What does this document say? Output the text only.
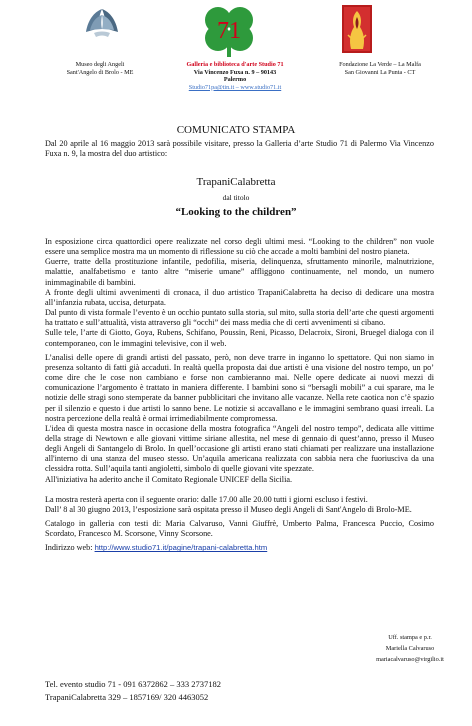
71
Museo degli Angeli
Sant'Angelo di Brolo - ME
Galleria e biblioteca d'arte Studio 71
Via Vincenzo Fuxa n. 9 – 90143
Palermo
Studio71pa@tin.it – www.studio71.it
Fondazione La Verde – La Malfa
San Giovanni La Punta - CT
COMUNICATO STAMPA
Dal 20 aprile al 16 maggio 2013 sarà possibile visitare, presso la Galleria d’arte Studio 71 di Palermo Via Vincenzo Fuxa n. 9, la mostra del duo artistico:
TrapaniCalabretta
dal titolo
“Looking to the children”

In esposizione circa quattordici opere realizzate nel corso degli ultimi mesi. “Looking to the children” non vuole essere una semplice mostra ma un momento di riflessione su ciò che accade a molti bambini del nostro pianeta.

Guerre, tratte della prostituzione infantile, pedofilia, miseria, delinquenza, sfruttamento minorile, malnutrizione, malattie, analfabetismo e tanto altre “miserie umane” affliggono continuamente, nel mondo, un numero inimmaginabile di bambini.

A fronte degli ultimi avvenimenti di cronaca, il duo artistico TrapaniCalabretta ha deciso di dedicare una mostra all’infanzia rubata, uccisa, deturpata.

Dal punto di vista formale l’evento è un occhio puntato sulla storia, sul mito, sulla storia dell’arte che questi argomenti ha trattato e sull’attualità, vista attraverso gli “occhi” dei mass media che di certi avvenimenti si cibano.

Sulle tele, l’arte di Giotto, Goya, Rubens, Schifano, Poussin, Reni, Picasso, Delacroix, Sironi, Bruegel dialoga con il contemporaneo, con le immagini televisive, con il web.

L’analisi delle opere di grandi artisti del passato, però, non deve trarre in inganno lo spettatore. Qui non siamo in presenza soltanto di fatti già accaduti. In realtà quella proposta dai due artisti è una visione del nostro tempo, un po’ come dire che le cose non cambiano e forse non cambieranno mai. Nelle opere dedicate ai nuovi mezzi di comunicazione l’argomento è trattato in maniera differente. I bambini sono si “bersagli mobili” a cui sparare, ma le notizie delle stragi sono stemperate da banner pubblicitari che invitano alle vacanze. Nella rete caotica non c’è spazio per il silenzio e questo i due artisti lo sanno bene. Le notizie si accavallano e le immagini sembrano quasi irreali. La nostra percezione della realtà è ormai irrimediabilmente compromessa.

L'idea di questa mostra nasce in occasione della mostra fotografica “Angeli del nostro tempo”, dedicata alle vittime della strage di Newtown e alle giovani vittime siriane allestita, nel mese di gennaio di quest’anno, presso il Museo degli Angeli di Santangelo di Brolo. In quell’occasione gli artisti erano stati chiamati per realizzare una installazione all'interno di una stanza del museo stesso. Un’aquila americana realizzata con sabbia nera che fuoriusciva da una clessidra rotta. Sull’aquila tanti angioletti, simbolo di quelle giovani vite spezzate.

All'iniziativa ha aderito anche il Comitato Regionale UNICEF della Sicilia.

La mostra resterà aperta con il seguente orario: dalle 17.00 alle 20.00 tutti i giorni escluso i festivi.

Dall’ 8 al 30 giugno 2013, l’esposizione sarà ospitata presso il Museo degli Angeli di Sant'Angelo di Brolo-ME.

Catalogo in galleria con testi di: Maria Calvaruso, Vanni Giuffrè, Umberto Palma, Francesca Puccio, Cosimo Scordato, Francesco M. Scorsone, Vinny Scorsone.

Indirizzo web: http://www.studio71.it/pagine/trapani-calabretta.htm

Uff. stampa e p.r.
Mariella Calvaruso
mariacalvaruso@virgilio.it
Tel. evento studio 71 - 091 6372862 – 333 2737182
TrapaniCalabretta 329 – 1857169/ 320 4463052
